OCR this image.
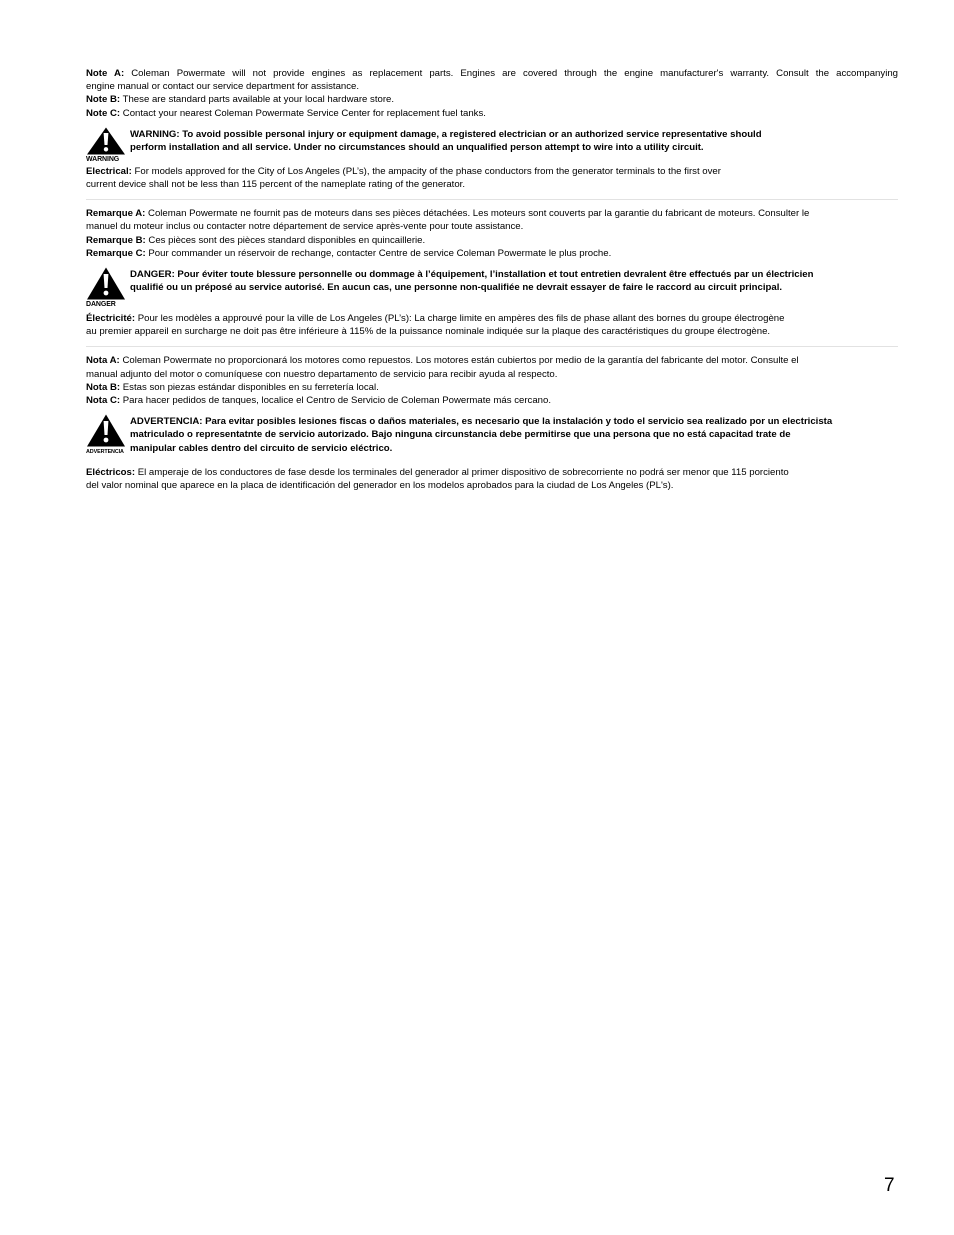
Note A: Coleman Powermate will not provide engines as replacement parts. Engines are covered through the engine manufacturer's warranty. Consult the accompanying
engine manual or contact our service department for assistance.
Note B: These are standard parts available at your local hardware store.
Note C: Contact your nearest Coleman Powermate Service Center for replacement fuel tanks.
WARNING
WARNING: To avoid possible personal injury or equipment damage, a registered electrician or an authorized service representative should
perform installation and all service. Under no circumstances should an unqualified person attempt to wire into a utility circuit.
Electrical: For models approved for the City of Los Angeles (PL’s), the ampacity of the phase conductors from the generator terminals to the first over
current device shall not be less than 115 percent of the nameplate rating of the generator.
Remarque A: Coleman Powermate ne fournit pas de moteurs dans ses pièces détachées. Les moteurs sont couverts par la garantie du fabricant de moteurs. Consulter le
manuel du moteur inclus ou contacter notre département de service après-vente pour toute assistance.
Remarque B: Ces pièces sont des pièces standard disponibles en quincaillerie.
Remarque C: Pour commander un réservoir de rechange, contacter Centre de service Coleman Powermate le plus proche.
DANGER
DANGER: Pour éviter toute blessure personnelle ou dommage à l’équipement, l’installation et tout entretien devralent être effectués par un électricien
qualifié ou un préposé au service autorisé. En aucun cas, une personne non-qualifiée ne devrait essayer de faire le raccord au circuit principal.
Électricité: Pour les modèles a approuvé pour la ville de Los Angeles (PL’s): La charge limite en ampères des fils de phase allant des bornes du groupe électrogène
au premier appareil en surcharge ne doit pas être inférieure à 115% de la puissance nominale indiquée sur la plaque des caractéristiques du groupe électrogène.
Nota A: Coleman Powermate no proporcionará los motores como repuestos. Los motores están cubiertos por medio de la garantía del fabricante del motor. Consulte el
manual adjunto del motor o comuníquese con nuestro departamento de servicio para recibir ayuda al respecto.
Nota B: Estas son piezas estándar disponibles en su ferretería local.
Nota C: Para hacer pedidos de tanques, localice el Centro de Servicio de Coleman Powermate más cercano.
ADVERTENCIA
ADVERTENCIA: Para evitar posibles lesiones fiscas o daños materiales, es necesario que la instalación y todo el servicio sea realizado por un electricista
matriculado o representatnte de servicio autorizado. Bajo ninguna circunstancia debe permitirse que una persona que no está capacitad trate de
manipular cables dentro del circuito de servicio eléctrico.
Eléctricos: El amperaje de los conductores de fase desde los terminales del generador al primer dispositivo de sobrecorriente no podrá ser menor que 115 porciento
del valor nominal que aparece en la placa de identificación del generador en los modelos aprobados para la ciudad de Los Angeles (PL's).
7
